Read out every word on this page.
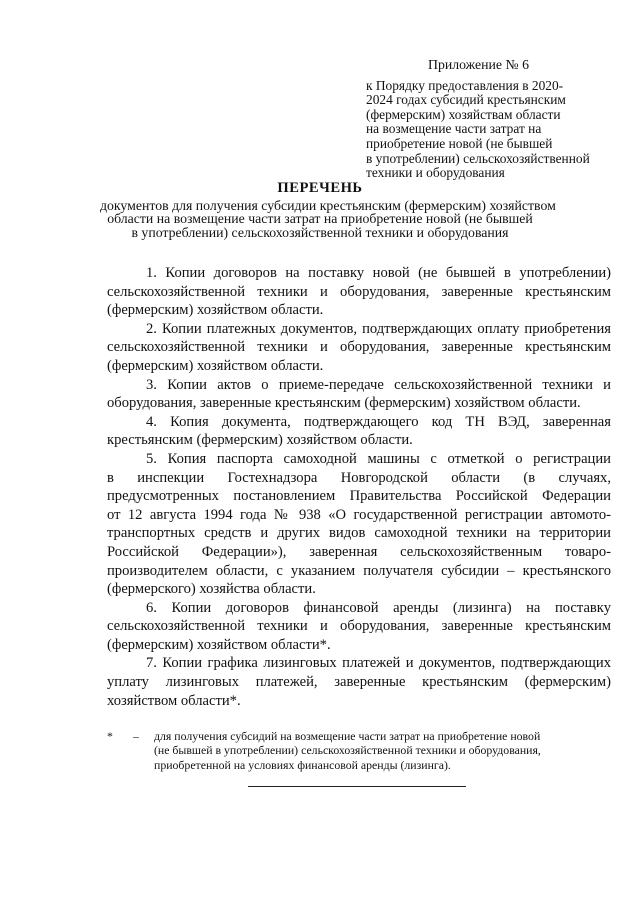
Приложение № 6
к Порядку предоставления в 2020-
2024 годах субсидий крестьянским
(фермерским) хозяйствам области
на возмещение части затрат на
приобретение новой (не бывшей
в употреблении) сельскохозяйственной
техники и оборудования
ПЕРЕЧЕНЬ
документов для получения субсидии крестьянским (фермерским) хозяйством
области на возмещение части затрат на приобретение новой (не бывшей
в употреблении) сельскохозяйственной техники и оборудования

1. Копии договоров на поставку новой (не бывшей в употреблении)
сельскохозяйственной техники и оборудования, заверенные крестьянским
(фермерским) хозяйством области.

2. Копии платежных документов, подтверждающих оплату приобретения
сельскохозяйственной техники и оборудования, заверенные крестьянским
(фермерским) хозяйством области.

3. Копии актов о приеме-передаче сельскохозяйственной техники и
оборудования, заверенные крестьянским (фермерским) хозяйством области.

4. Копия документа, подтверждающего код ТН ВЭД, заверенная
крестьянским (фермерским) хозяйством области.

5. Копия паспорта самоходной машины с отметкой о регистрации
в инспекции Гостехнадзора Новгородской области (в случаях,
предусмотренных постановлением Правительства Российской Федерации
от 12 августа 1994 года № 938 «О государственной регистрации автомото-
транспортных средств и других видов самоходной техники на территории
Российской Федерации»), заверенная сельскохозяйственным товаро-
производителем области, с указанием получателя субсидии – крестьянского
(фермерского) хозяйства области.

6. Копии договоров финансовой аренды (лизинга) на поставку
сельскохозяйственной техники и оборудования, заверенные крестьянским
(фермерским) хозяйством области*.

7. Копии графика лизинговых платежей и документов, подтверждающих
уплату лизинговых платежей, заверенные крестьянским (фермерским)
хозяйством области*.

* – для получения субсидий на возмещение части затрат на приобретение новой
(не бывшей в употреблении) сельскохозяйственной техники и оборудования,
приобретенной на условиях финансовой аренды (лизинга).
